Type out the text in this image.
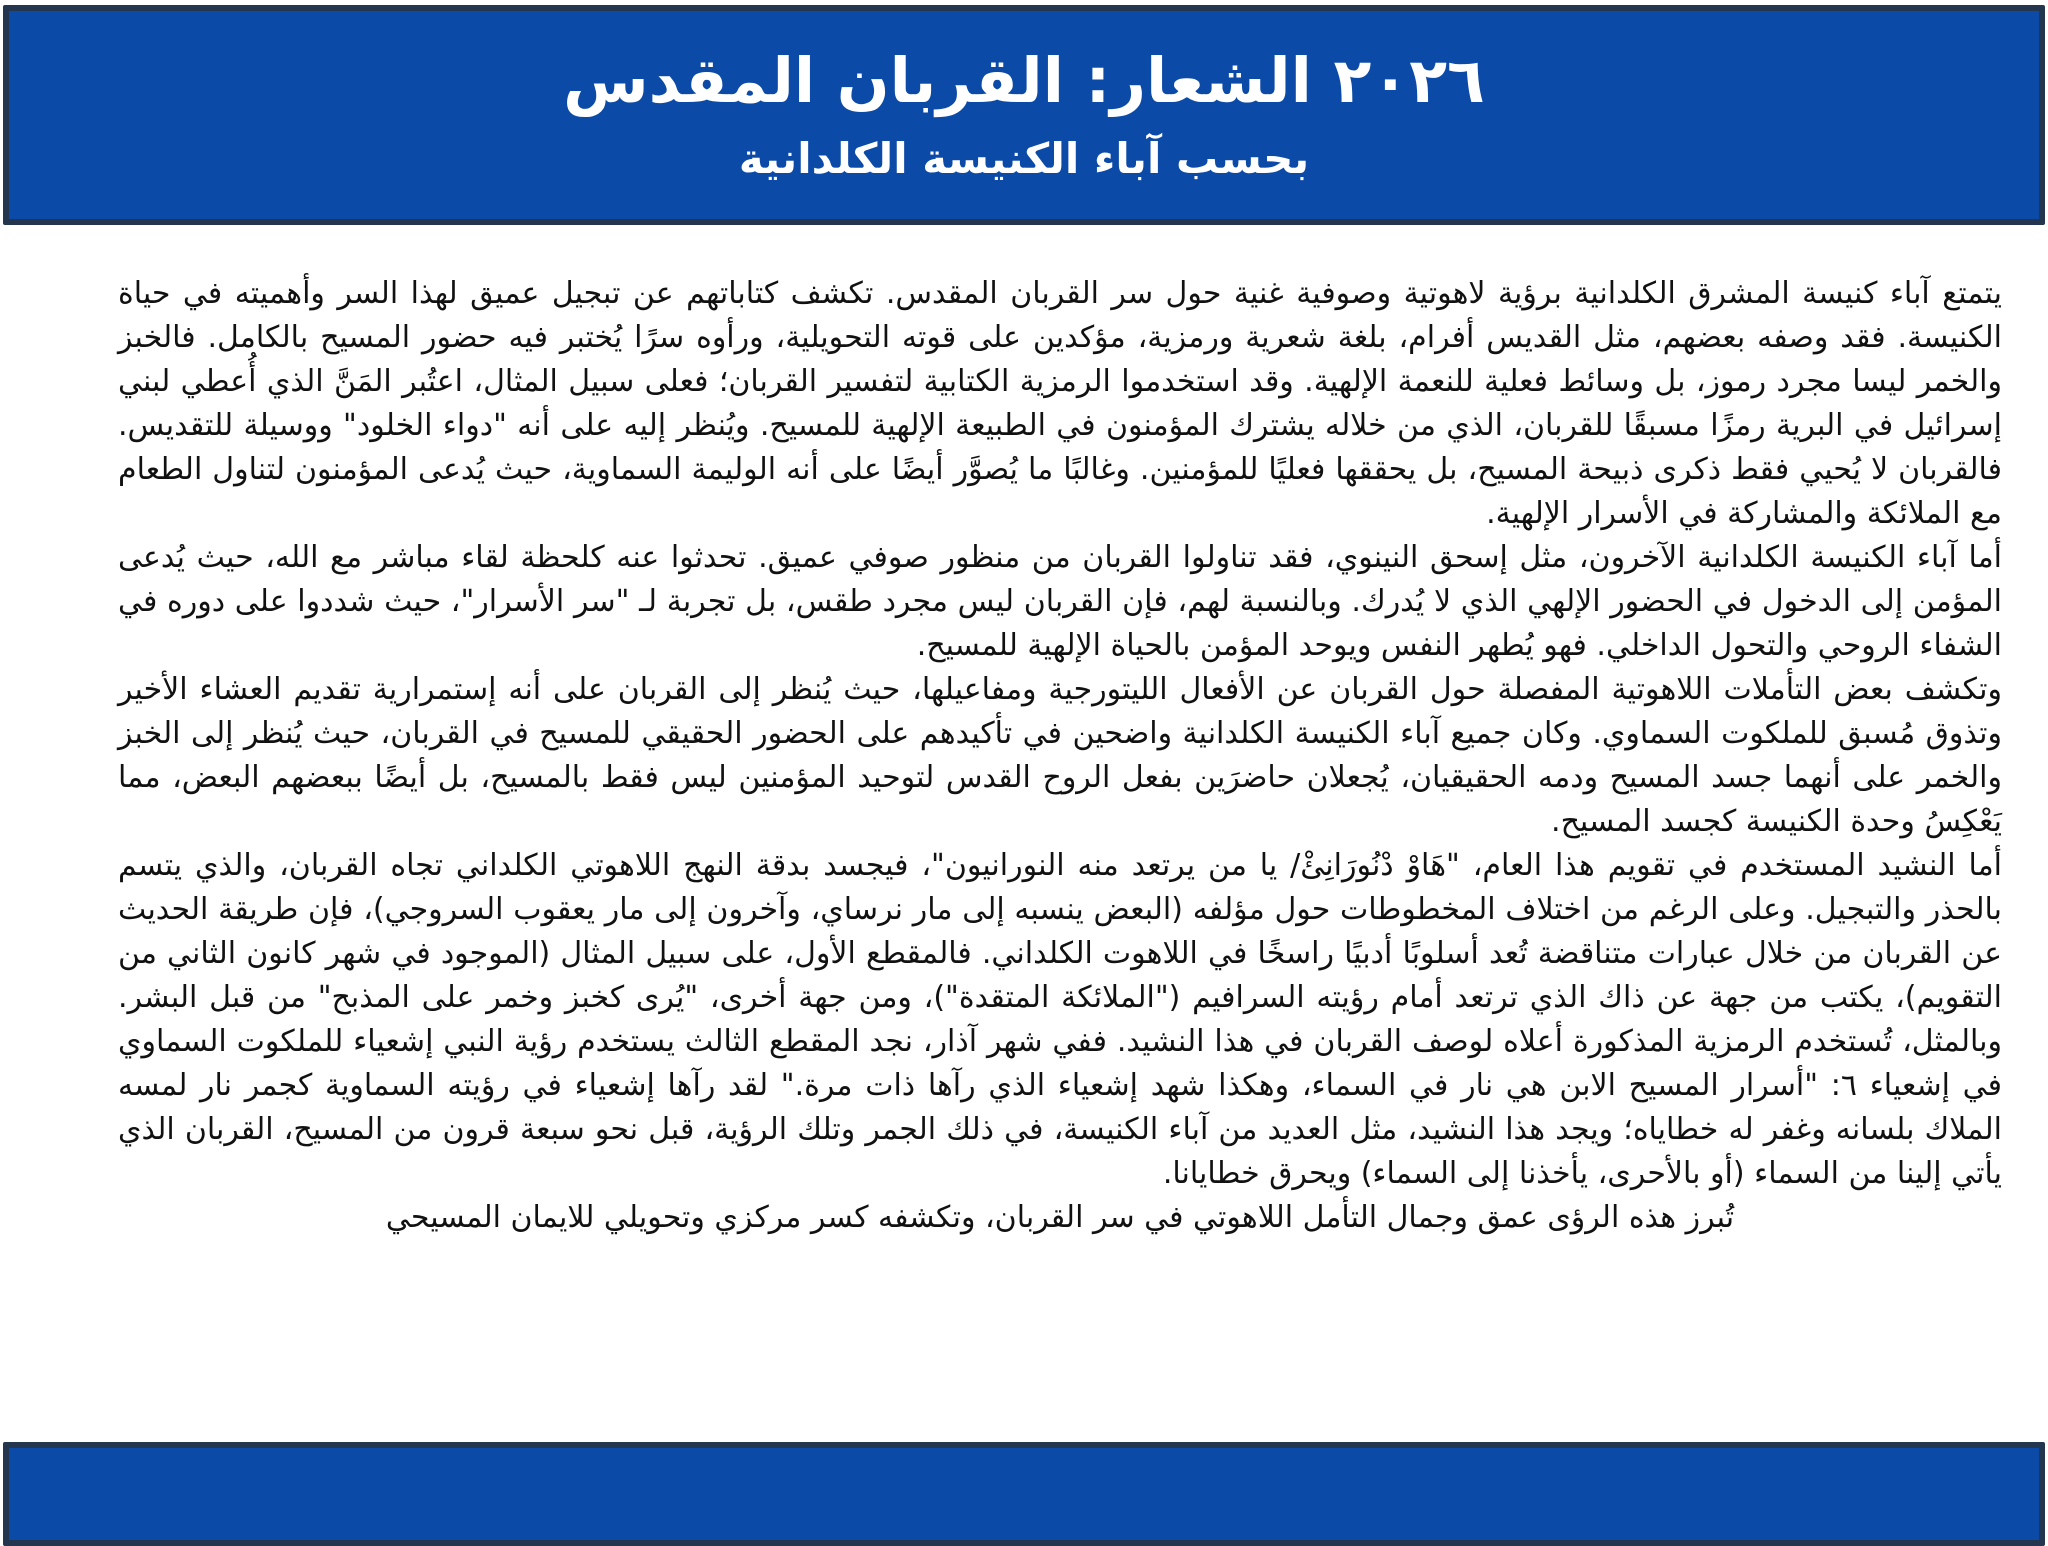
٢٠٢٦ الشعار: القربان المقدس
بحسب آباء الكنيسة الكلدانية

يتمتع آباء كنيسة المشرق الكلدانية برؤية لاهوتية وصوفية غنية حول سر القربان المقدس. تكشف كتاباتهم عن تبجيل عميق لهذا السر وأهميته في حياة الكنيسة. فقد وصفه بعضهم، مثل القديس أفرام، بلغة شعرية ورمزية، مؤكدين على قوته التحويلية، ورأوه سرًا يُختبر فيه حضور المسيح بالكامل. فالخبز والخمر ليسا مجرد رموز، بل وسائط فعلية للنعمة الإلهية. وقد استخدموا الرمزية الكتابية لتفسير القربان؛ فعلى سبيل المثال، اعتُبر المَنَّ الذي أُعطي لبني إسرائيل في البرية رمزًا مسبقًا للقربان، الذي من خلاله يشترك المؤمنون في الطبيعة الإلهية للمسيح. ويُنظر إليه على أنه "دواء الخلود" ووسيلة للتقديس. فالقربان لا يُحيي فقط ذكرى ذبيحة المسيح، بل يحققها فعليًا للمؤمنين. وغالبًا ما يُصوَّر أيضًا على أنه الوليمة السماوية، حيث يُدعى المؤمنون لتناول الطعام مع الملائكة والمشاركة في الأسرار الإلهية.

أما آباء الكنيسة الكلدانية الآخرون، مثل إسحق النينوي، فقد تناولوا القربان من منظور صوفي عميق. تحدثوا عنه كلحظة لقاء مباشر مع الله، حيث يُدعى المؤمن إلى الدخول في الحضور الإلهي الذي لا يُدرك. وبالنسبة لهم، فإن القربان ليس مجرد طقس، بل تجربة لـ "سر الأسرار"، حيث شددوا على دوره في الشفاء الروحي والتحول الداخلي. فهو يُطهر النفس ويوحد المؤمن بالحياة الإلهية للمسيح.

وتكشف بعض التأملات اللاهوتية المفصلة حول القربان عن الأفعال الليتورجية ومفاعيلها، حيث يُنظر إلى القربان على أنه إستمرارية تقديم العشاء الأخير وتذوق مُسبق للملكوت السماوي. وكان جميع آباء الكنيسة الكلدانية واضحين في تأكيدهم على الحضور الحقيقي للمسيح في القربان، حيث يُنظر إلى الخبز والخمر على أنهما جسد المسيح ودمه الحقيقيان، يُجعلان حاضرَين بفعل الروح القدس لتوحيد المؤمنين ليس فقط بالمسيح، بل أيضًا ببعضهم البعض، مما يَعْكِسُ وحدة الكنيسة كجسد المسيح.

أما النشيد المستخدم في تقويم هذا العام، "هَاوْ دْنُورَانِئْ/ يا من يرتعد منه النورانيون"، فيجسد بدقة النهج اللاهوتي الكلداني تجاه القربان، والذي يتسم بالحذر والتبجيل. وعلى الرغم من اختلاف المخطوطات حول مؤلفه (البعض ينسبه إلى مار نرساي، وآخرون إلى مار يعقوب السروجي)، فإن طريقة الحديث عن القربان من خلال عبارات متناقضة تُعد أسلوبًا أدبيًا راسخًا في اللاهوت الكلداني. فالمقطع الأول، على سبيل المثال (الموجود في شهر كانون الثاني من التقويم)، يكتب من جهة عن ذاك الذي ترتعد أمام رؤيته السرافيم ("الملائكة المتقدة")، ومن جهة أخرى، "يُرى كخبز وخمر على المذبح" من قبل البشر. وبالمثل، تُستخدم الرمزية المذكورة أعلاه لوصف القربان في هذا النشيد. ففي شهر آذار، نجد المقطع الثالث يستخدم رؤية النبي إشعياء للملكوت السماوي في إشعياء ٦: "أسرار المسيح الابن هي نار في السماء، وهكذا شهد إشعياء الذي رآها ذات مرة." لقد رآها إشعياء في رؤيته السماوية كجمر نار لمسه الملاك بلسانه وغفر له خطاياه؛ ويجد هذا النشيد، مثل العديد من آباء الكنيسة، في ذلك الجمر وتلك الرؤية، قبل نحو سبعة قرون من المسيح، القربان الذي يأتي إلينا من السماء (أو بالأحرى، يأخذنا إلى السماء) ويحرق خطايانا.

تُبرز هذه الرؤى عمق وجمال التأمل اللاهوتي في سر القربان، وتكشفه كسر مركزي وتحويلي للايمان المسيحي
